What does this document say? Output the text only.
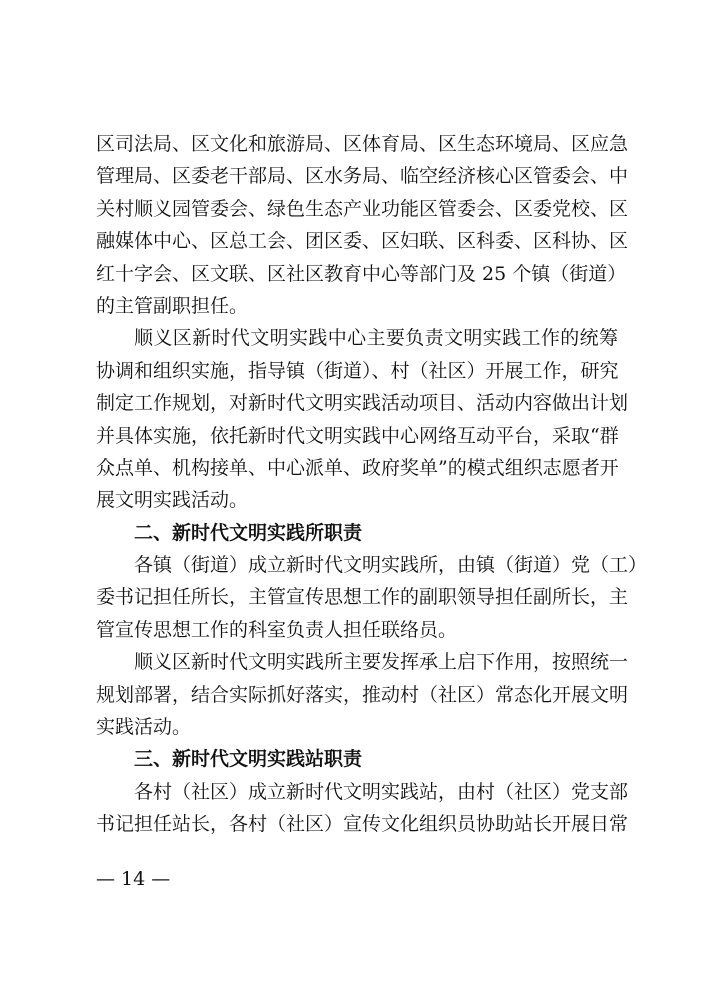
区司法局、区文化和旅游局、区体育局、区生态环境局、区应急
管理局、区委老干部局、区水务局、临空经济核心区管委会、中
关村顺义园管委会、绿色生态产业功能区管委会、区委党校、区
融媒体中心、区总工会、团区委、区妇联、区科委、区科协、区
红十字会、区文联、区社区教育中心等部门及 25 个镇（街道）
的主管副职担任。
顺义区新时代文明实践中心主要负责文明实践工作的统筹
协调和组织实施，指导镇（街道）、村（社区）开展工作，研究
制定工作规划，对新时代文明实践活动项目、活动内容做出计划
并具体实施，依托新时代文明实践中心网络互动平台，采取“群
众点单、机构接单、中心派单、政府奖单”的模式组织志愿者开
展文明实践活动。
二、新时代文明实践所职责
各镇（街道）成立新时代文明实践所，由镇（街道）党（工）
委书记担任所长，主管宣传思想工作的副职领导担任副所长，主
管宣传思想工作的科室负责人担任联络员。
顺义区新时代文明实践所主要发挥承上启下作用，按照统一
规划部署，结合实际抓好落实，推动村（社区）常态化开展文明
实践活动。
三、新时代文明实践站职责
各村（社区）成立新时代文明实践站，由村（社区）党支部
书记担任站长，各村（社区）宣传文化组织员协助站长开展日常
— 14 —
